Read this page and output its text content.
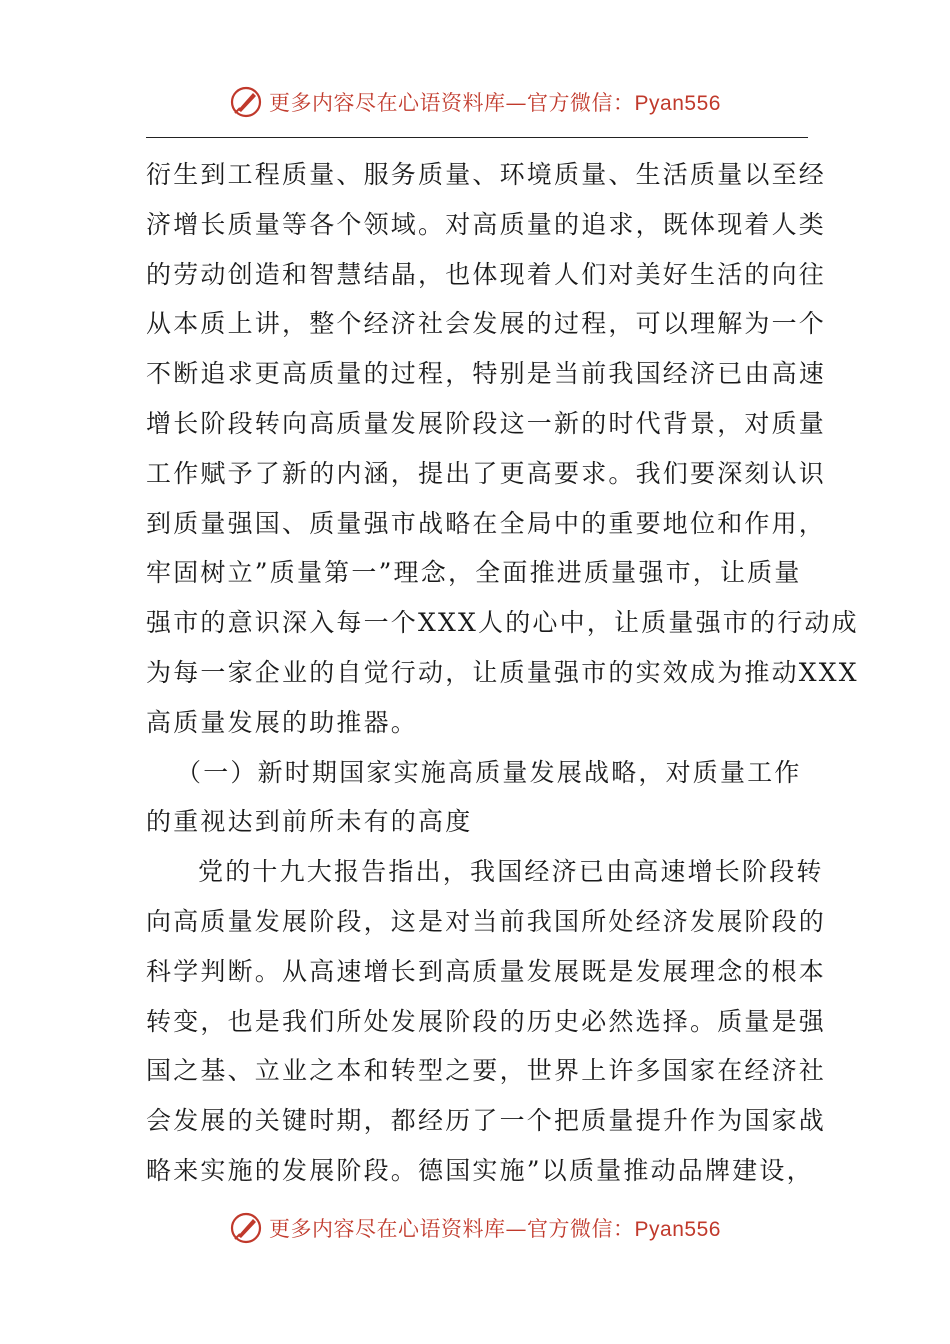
更多内容尽在心语资料库—官方微信：Pyan556
衍生到工程质量、服务质量、环境质量、生活质量以至经
济增长质量等各个领域。对高质量的追求，既体现着人类
的劳动创造和智慧结晶，也体现着人们对美好生活的向往
从本质上讲，整个经济社会发展的过程，可以理解为一个
不断追求更高质量的过程，特别是当前我国经济已由高速
增长阶段转向高质量发展阶段这一新的时代背景，对质量
工作赋予了新的内涵，提出了更高要求。我们要深刻认识
到质量强国、质量强市战略在全局中的重要地位和作用，
牢固树立”质量第一”理念，全面推进质量强市，让质量
强市的意识深入每一个XXX人的心中，让质量强市的行动成
为每一家企业的自觉行动，让质量强市的实效成为推动XXX
高质量发展的助推器。
（一）新时期国家实施高质量发展战略，对质量工作
的重视达到前所未有的高度
党的十九大报告指出，我国经济已由高速增长阶段转
向高质量发展阶段，这是对当前我国所处经济发展阶段的
科学判断。从高速增长到高质量发展既是发展理念的根本
转变，也是我们所处发展阶段的历史必然选择。质量是强
国之基、立业之本和转型之要，世界上许多国家在经济社
会发展的关键时期，都经历了一个把质量提升作为国家战
略来实施的发展阶段。德国实施”以质量推动品牌建设，
更多内容尽在心语资料库—官方微信：Pyan556
